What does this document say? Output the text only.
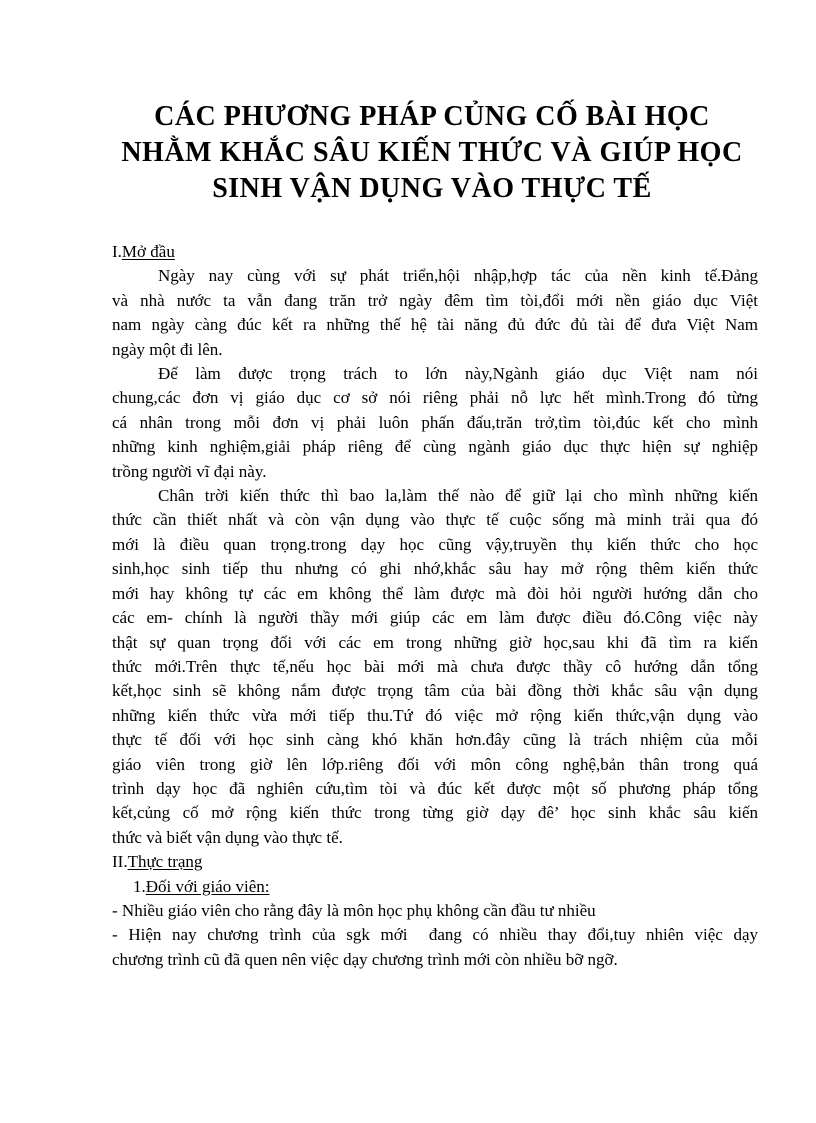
CÁC PHƯƠNG PHÁP CỦNG CỐ BÀI HỌC
NHẰM KHẮC SÂU KIẾN THỨC VÀ GIÚP HỌC
SINH VẬN DỤNG VÀO THỰC TẾ
I.Mở đầu
Ngày nay cùng với sự phát triển,hội nhập,hợp tác của nền kinh tế.Đảng
và nhà nước ta vẫn đang trăn trở ngày đêm tìm tòi,đổi mới nền giáo dục Việt
nam ngày càng đúc kết ra những thế hệ tài năng đủ đức đủ tài để đưa Việt Nam
ngày một đi lên.
Để làm được trọng trách to lớn này,Ngành giáo dục Việt nam nói
chung,các đơn vị giáo dục cơ sở nói riêng phải nỗ lực hết mình.Trong đó từng
cá nhân trong mỗi đơn vị phải luôn phấn đấu,trăn trở,tìm tòi,đúc kết cho mình
những kinh nghiệm,giải pháp riêng để cùng ngành giáo dục thực hiện sự nghiệp
trồng người vĩ đại này.
Chân trời kiến thức thì bao la,làm thế nào để giữ lại cho mình những kiến
thức cần thiết nhất và còn vận dụng vào thực tế cuộc sống mà minh trải qua đó
mới là điều quan trọng.trong dạy học cũng vậy,truyền thụ kiến thức cho học
sinh,học sinh tiếp thu nhưng có ghi nhớ,khắc sâu hay mở rộng thêm kiến thức
mới hay không tự các em không thể làm được mà đòi hỏi người hướng dẫn cho
các em- chính là người thầy mới giúp các em làm được điều đó.Công việc này
thật sự quan trọng đối với các em trong những giờ học,sau khi đã tìm ra kiến
thức mới.Trên thực tế,nếu học bài mới mà chưa được thầy cô hướng dẫn tổng
kết,học sinh sẽ không nắm được trọng tâm của bài đồng thời khắc sâu vận dụng
những kiến thức vừa mới tiếp thu.Tứ đó việc mở rộng kiến thức,vận dụng vào
thực tế đối với học sinh càng khó khăn hơn.đây cũng là trách nhiệm của mỗi
giáo viên trong giờ lên lớp.riêng đối với môn công nghệ,bản thân trong quá
trình dạy học đã nghiên cứu,tìm tòi và đúc kết được một số phương pháp tổng
kết,củng cố mở rộng kiến thức trong từng giờ dạy đê’ học sinh khắc sâu kiến
thức và biết vận dụng vào thực tế.
II.Thực trạng
1.Đối với giáo viên:
- Nhiều giáo viên cho rằng đây là môn học phụ không cần đầu tư nhiều
- Hiện nay chương trình của sgk mới  đang có nhiều thay đổi,tuy nhiên việc dạy
chương trình cũ đã quen nên việc dạy chương trình mới còn nhiều bỡ ngỡ.
